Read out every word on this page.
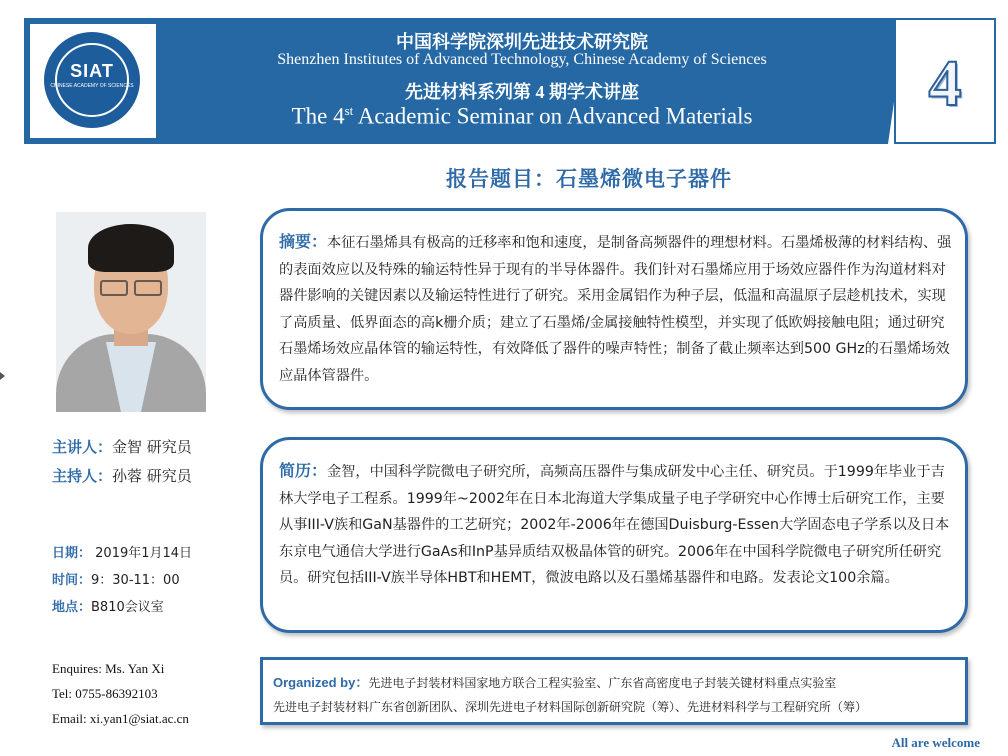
SIAT
CHINESE ACADEMY OF SCIENCES
中国科学院深圳先进技术研究院
Shenzhen Institutes of Advanced Technology, Chinese Academy of Sciences
先进材料系列第 4 期学术讲座
The 4st Academic Seminar on Advanced Materials	4
报告题目：石墨烯微电子器件
摘要：本征石墨烯具有极高的迁移率和饱和速度，是制备高频器件的理想材料。石墨烯极薄的材料结构、强的表面效应以及特殊的输运特性异于现有的半导体器件。我们针对石墨烯应用于场效应器件作为沟道材料对器件影响的关键因素以及输运特性进行了研究。采用金属铝作为种子层，低温和高温原子层趁机技术，实现了高质量、低界面态的高k栅介质；建立了石墨烯/金属接触特性模型，并实现了低欧姆接触电阻；通过研究石墨烯场效应晶体管的输运特性，有效降低了器件的噪声特性；制备了截止频率达到500 GHz的石墨烯场效应晶体管器件。
简历：金智，中国科学院微电子研究所，高频高压器件与集成研发中心主任、研究员。于1999年毕业于吉林大学电子工程系。1999年~2002年在日本北海道大学集成量子电子学研究中心作博士后研究工作，主要从事III-V族和GaN基器件的工艺研究；2002年-2006年在德国Duisburg-Essen大学固态电子学系以及日本东京电气通信大学进行GaAs和InP基异质结双极晶体管的研究。2006年在中国科学院微电子研究所任研究员。研究包括III-V族半导体HBT和HEMT，微波电路以及石墨烯基器件和电路。发表论文100余篇。
主讲人：金智 研究员
主持人：孙蓉 研究员
日期： 2019年1月14日
时间：9：30-11：00
地点：B810会议室
Enquires: Ms. Yan Xi
Tel: 0755-86392103
Email: xi.yan1@siat.ac.cn
Organized by：先进电子封装材料国家地方联合工程实验室、广东省高密度电子封装关键材料重点实验室
先进电子封装材料广东省创新团队、深圳先进电子材料国际创新研究院（筹）、先进材料科学与工程研究所（筹）
All are welcome
